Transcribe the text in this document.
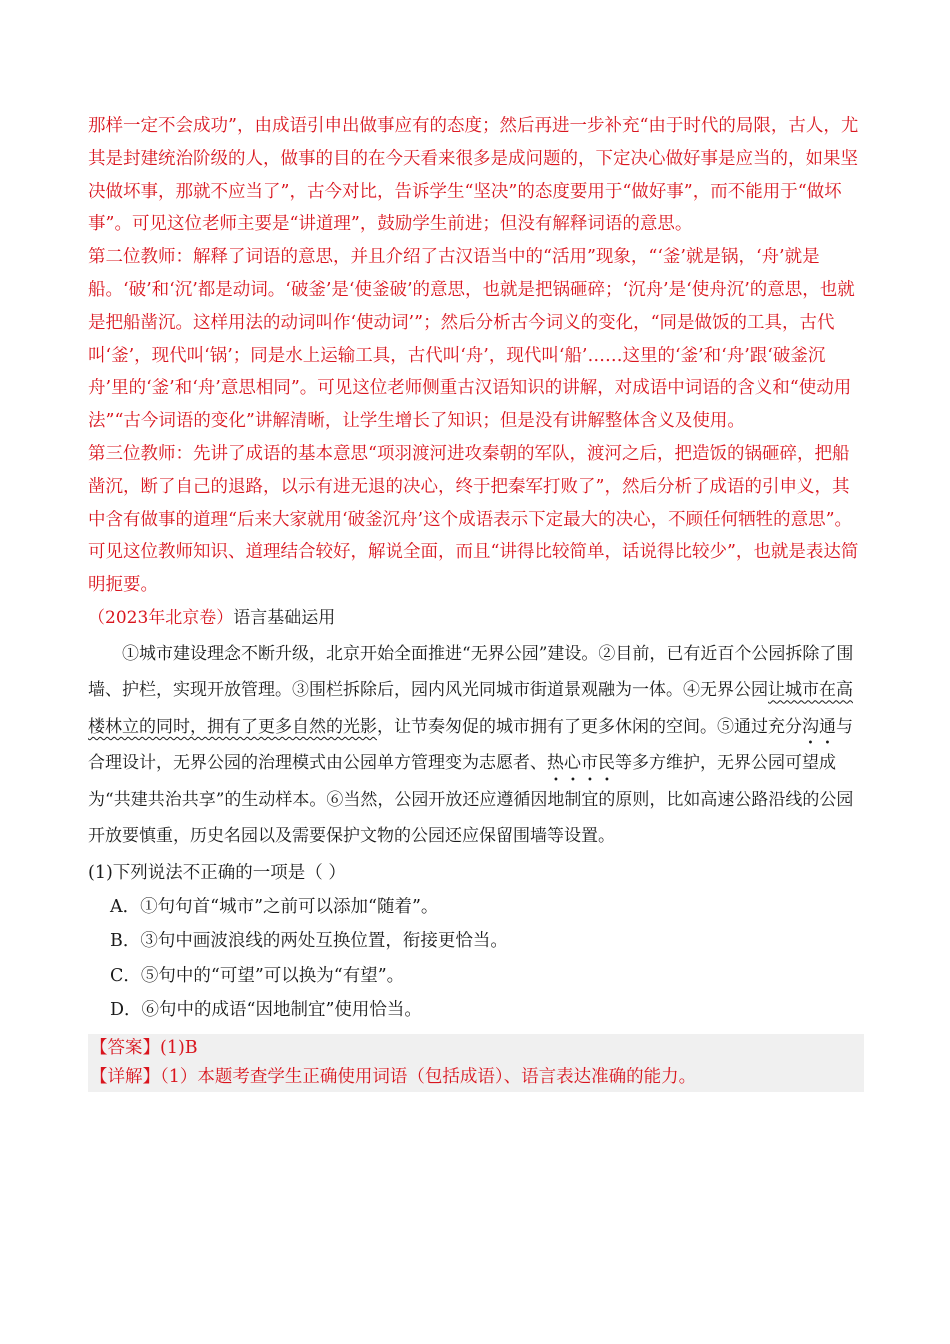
那样一定不会成功”，由成语引申出做事应有的态度；然后再进一步补充“由于时代的局限，古人，尤其是封建统治阶级的人，做事的目的在今天看来很多是成问题的，下定决心做好事是应当的，如果坚决做坏事，那就不应当了”，古今对比，告诉学生“坚决”的态度要用于“做好事”，而不能用于“做坏事”。可见这位老师主要是“讲道理”，鼓励学生前进；但没有解释词语的意思。

第二位教师：解释了词语的意思，并且介绍了古汉语当中的“活用”现象，“‘釜’就是锅，‘舟’就是船。‘破’和‘沉’都是动词。‘破釜’是‘使釜破’的意思，也就是把锅砸碎；‘沉舟’是‘使舟沉’的意思，也就是把船凿沉。这样用法的动词叫作‘使动词’”；然后分析古今词义的变化，“同是做饭的工具，古代叫‘釜’，现代叫‘锅’；同是水上运输工具，古代叫‘舟’，现代叫‘船’……这里的‘釜’和‘舟’跟‘破釜沉舟’里的‘釜’和‘舟’意思相同”。可见这位老师侧重古汉语知识的讲解，对成语中词语的含义和“使动用法”“古今词语的变化”讲解清晰，让学生增长了知识；但是没有讲解整体含义及使用。

第三位教师：先讲了成语的基本意思“项羽渡河进攻秦朝的军队，渡河之后，把造饭的锅砸碎，把船凿沉，断了自己的退路，以示有进无退的决心，终于把秦军打败了”，然后分析了成语的引申义，其中含有做事的道理“后来大家就用‘破釜沉舟’这个成语表示下定最大的决心，不顾任何牺牲的意思”。可见这位教师知识、道理结合较好，解说全面，而且“讲得比较简单，话说得比较少”，也就是表达简明扼要。

（2023年北京卷）语言基础运用

①城市建设理念不断升级，北京开始全面推进“无界公园”建设。②目前，已有近百个公园拆除了围墙、护栏，实现开放管理。③围栏拆除后，园内风光同城市街道景观融为一体。④无界公园让城市在高楼林立的同时，拥有了更多自然的光影，让节奏匆促的城市拥有了更多休闲的空间。⑤通过充分沟通与合理设计，无界公园的治理模式由公园单方管理变为志愿者、热心市民等多方维护，无界公园可望成为“共建共治共享”的生动样本。⑥当然，公园开放还应遵循因地制宜的原则，比如高速公路沿线的公园开放要慎重，历史名园以及需要保护文物的公园还应保留围墙等设置。

(1)下列说法不正确的一项是（ ）

A．①句句首“城市”之前可以添加“随着”。

B．③句中画波浪线的两处互换位置，衔接更恰当。

C．⑤句中的“可望”可以换为“有望”。

D．⑥句中的成语“因地制宜”使用恰当。

【答案】(1)B

【详解】（1）本题考查学生正确使用词语（包括成语）、语言表达准确的能力。
